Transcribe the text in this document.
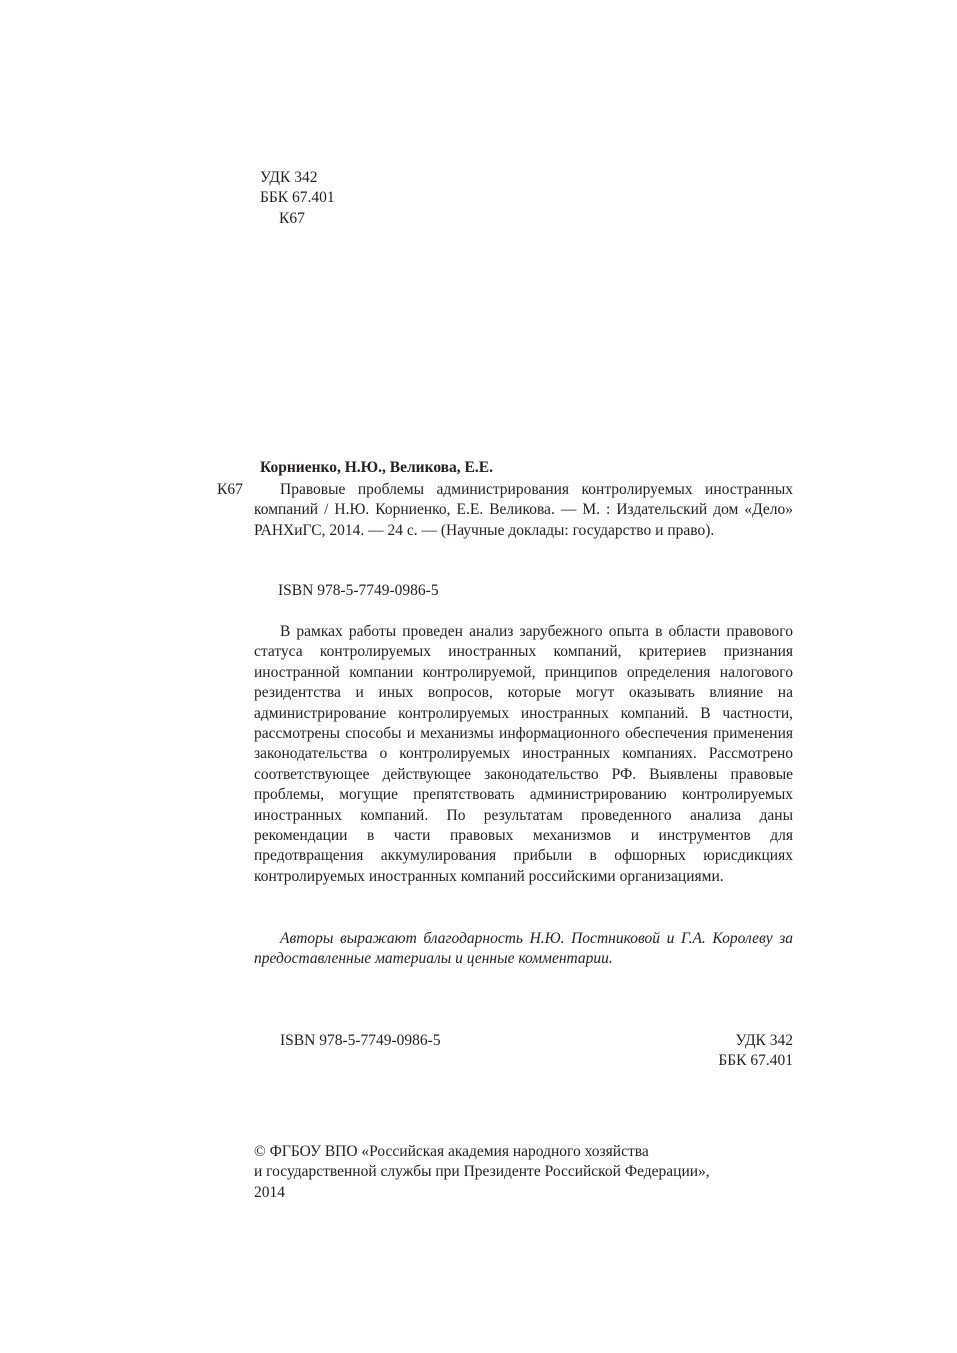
УДК 342
ББК 67.401
К67
Корниенко, Н.Ю., Великова, Е.Е.
К67	Правовые проблемы администрирования контролируемых иностранных компаний / Н.Ю. Корниенко, Е.Е. Великова. — М. : Издательский дом «Дело» РАНХиГС, 2014. — 24 с. — (Научные доклады: государство и право).
ISBN 978-5-7749-0986-5

В рамках работы проведен анализ зарубежного опыта в области правового статуса контролируемых иностранных компаний, критериев признания иностранной компании контролируемой, принципов определения налогового резидентства и иных вопросов, которые могут оказывать влияние на администрирование контролируемых иностранных компаний. В частности, рассмотрены способы и механизмы информационного обеспечения применения законодательства о контролируемых иностранных компаниях. Рассмотрено соответствующее действующее законодательство РФ. Выявлены правовые проблемы, могущие препятствовать администрированию контролируемых иностранных компаний. По результатам проведенного анализа даны рекомендации в части правовых механизмов и инструментов для предотвращения аккумулирования прибыли в офшорных юрисдикциях контролируемых иностранных компаний российскими организациями.

Авторы выражают благодарность Н.Ю. Постниковой и Г.А. Королеву за предоставленные материалы и ценные комментарии.

ISBN 978-5-7749-0986-5	УДК 342
ББК 67.401
© ФГБОУ ВПО «Российская академия народного хозяйства
и государственной службы при Президенте Российской Федерации»,
2014
